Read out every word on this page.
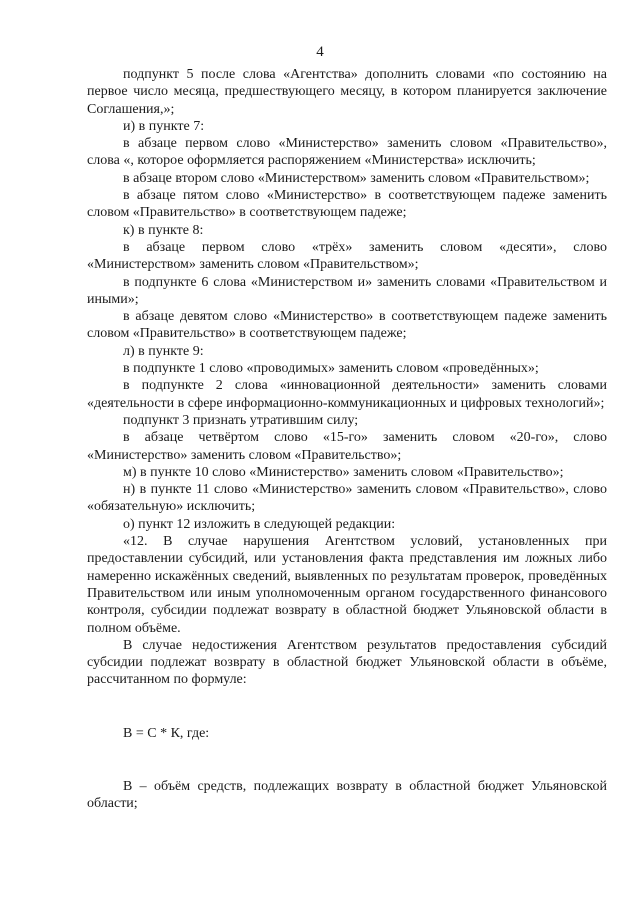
4

подпункт 5 после слова «Агентства» дополнить словами «по состоянию на первое число месяца, предшествующего месяцу, в котором планируется заключение Соглашения,»;

и) в пункте 7:

в абзаце первом слово «Министерство» заменить словом «Правительство», слова «, которое оформляется распоряжением «Министерства» исключить;

в абзаце втором слово «Министерством» заменить словом «Правительством»;

в абзаце пятом слово «Министерство» в соответствующем падеже заменить словом «Правительство» в соответствующем падеже;

к) в пункте 8:

в абзаце первом слово «трёх» заменить словом «десяти», слово «Министерством» заменить словом «Правительством»;

в подпункте 6 слова «Министерством и» заменить словами «Правительством и иными»;

в абзаце девятом слово «Министерство» в соответствующем падеже заменить словом «Правительство» в соответствующем падеже;

л) в пункте 9:

в подпункте 1 слово «проводимых» заменить словом «проведённых»;

в подпункте 2 слова «инновационной деятельности» заменить словами «деятельности в сфере информационно-коммуникационных и цифровых технологий»;

подпункт 3 признать утратившим силу;

в абзаце четвёртом слово «15-го» заменить словом «20-го», слово «Министерство» заменить словом «Правительство»;

м) в пункте 10 слово «Министерство» заменить словом «Правительство»;

н) в пункте 11 слово «Министерство» заменить словом «Правительство», слово «обязательную» исключить;

о) пункт 12 изложить в следующей редакции:

«12. В случае нарушения Агентством условий, установленных при предоставлении субсидий, или установления факта представления им ложных либо намеренно искажённых сведений, выявленных по результатам проверок, проведённых Правительством или иным уполномоченным органом государственного финансового контроля, субсидии подлежат возврату в областной бюджет Ульяновской области в полном объёме.

В случае недостижения Агентством результатов предоставления субсидий субсидии подлежат возврату в областной бюджет Ульяновской области в объёме, рассчитанном по формуле:

В = С * К, где:

В – объём средств, подлежащих возврату в областной бюджет Ульяновской области;
